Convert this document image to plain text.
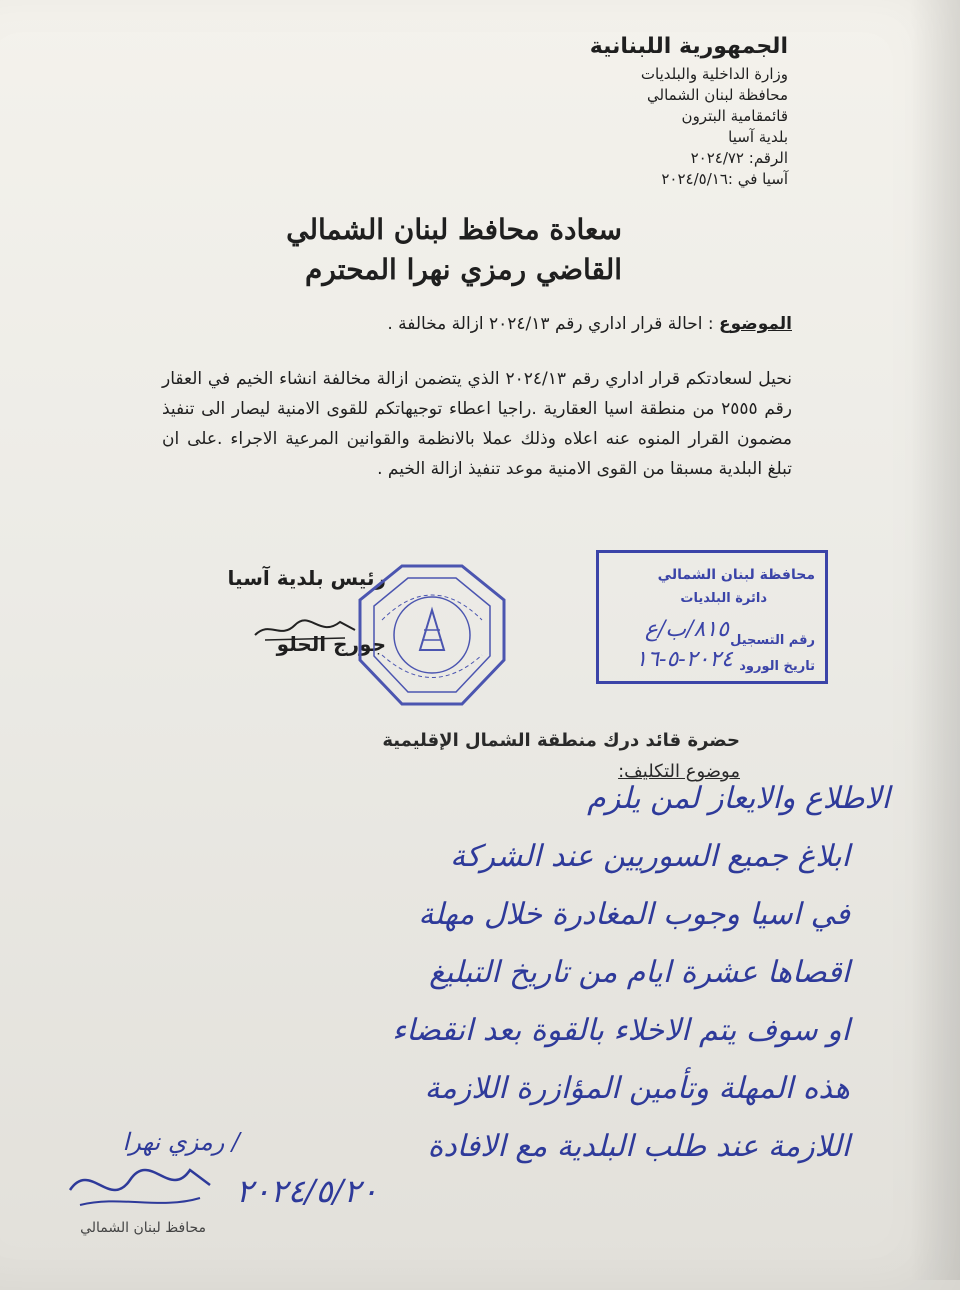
الجمهورية اللبنانية
وزارة الداخلية والبلديات
محافظة لبنان الشمالي
قائمقامية البترون
بلدية آسيا
الرقم: ٢٠٢٤/٧٢
آسيا في :٢٠٢٤/٥/١٦
سعادة محافظ لبنان الشمالي
القاضي رمزي نهرا المحترم
الموضوع : احالة قرار اداري رقم ٢٠٢٤/١٣ ازالة مخالفة .
نحيل لسعادتكم قرار اداري رقم ٢٠٢٤/١٣ الذي يتضمن ازالة مخالفة انشاء الخيم في العقار رقم ٢٥٥٥ من منطقة اسيا العقارية .راجيا اعطاء توجيهاتكم للقوى الامنية ليصار الى تنفيذ مضمون القرار المنوه عنه اعلاه وذلك عملا بالانظمة والقوانين المرعية الاجراء .على ان تبلغ البلدية مسبقا من القوى الامنية موعد تنفيذ ازالة الخيم .
رئيس بلدية آسيا
جورج الحلو
محافظة لبنان الشمالي
دائرة البلديات
رقم التسجيل
٨١٥/ب/ع
تاريخ الورود
٢٠٢٤-٥-١٦
حضرة قائد درك منطقة الشمال الإقليمية
موضوع التكليف:
الاطلاع والايعاز لمن يلزم
ابلاغ جميع السوريين عند الشركة
في اسيا وجوب المغادرة خلال مهلة
اقصاها عشرة ايام من تاريخ التبليغ
او سوف يتم الاخلاء بالقوة بعد انقضاء
هذه المهلة وتأمين المؤازرة اللازمة
اللازمة عند طلب البلدية مع الافادة
/ رمزي نهرا
محافظ لبنان الشمالي
٢٠٢٤/٥/٢٠
